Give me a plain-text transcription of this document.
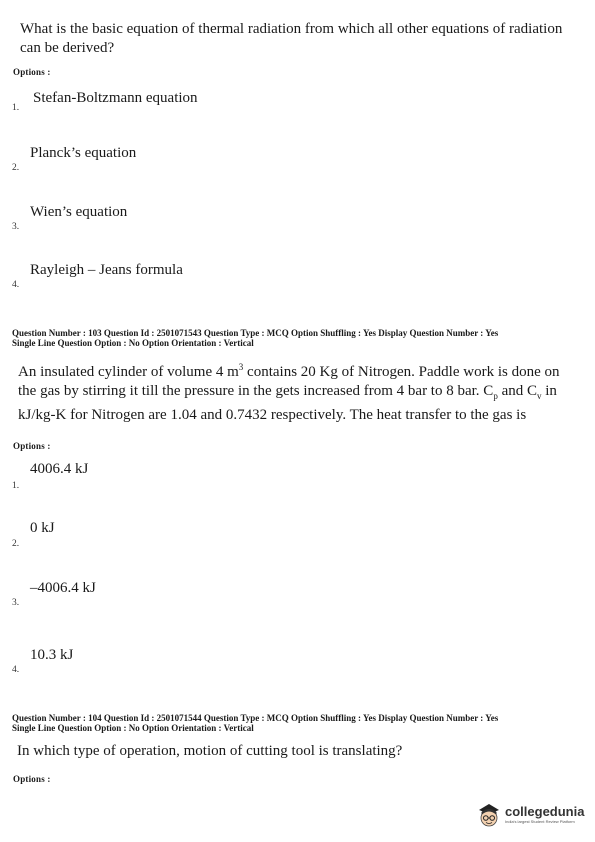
What is the basic equation of thermal radiation from which all other equations of radiation can be derived?
Options :
Stefan-Boltzmann equation
1.
Planck’s equation
2.
Wien’s equation
3.
Rayleigh – Jeans formula
4.
Question Number : 103 Question Id : 2501071543 Question Type : MCQ Option Shuffling : Yes Display Question Number : Yes
Single Line Question Option : No Option Orientation : Vertical
An insulated cylinder of volume 4 $m^3$ contains 20 Kg of Nitrogen. Paddle work is done on the gas by stirring it till the pressure in the gets increased from 4 bar to 8 bar. $C_p$ and $C_v$ in kJ/kg-K for Nitrogen are 1.04 and 0.7432 respectively. The heat transfer to the gas is
Options :
4006.4 kJ
1.
0 kJ
2.
–4006.4 kJ
3.
10.3 kJ
4.
Question Number : 104 Question Id : 2501071544 Question Type : MCQ Option Shuffling : Yes Display Question Number : Yes
Single Line Question Option : No Option Orientation : Vertical
In which type of operation, motion of cutting tool is translating?
Options :
collegedunia
India's largest Student Review Platform
